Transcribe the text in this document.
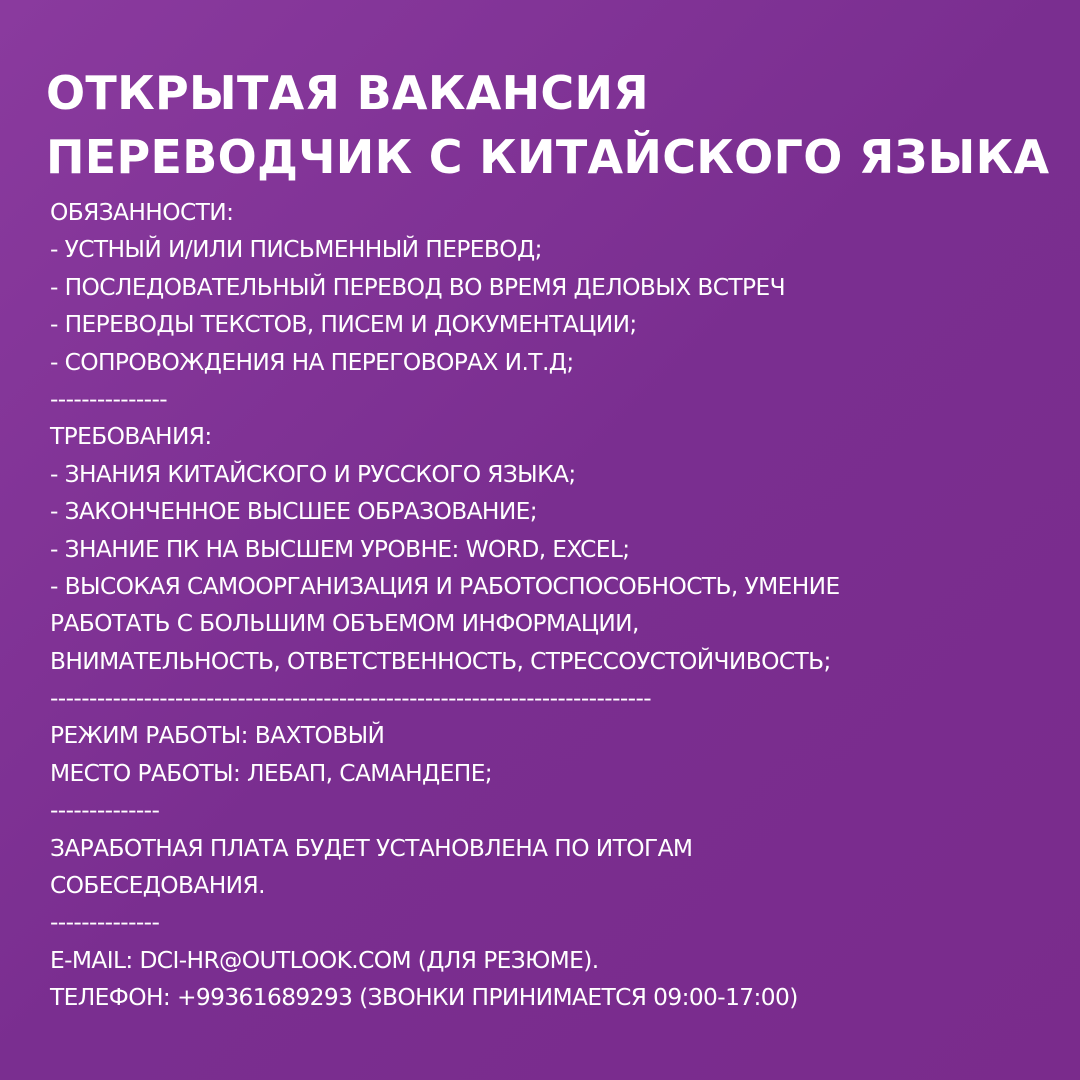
ОТКРЫТАЯ ВАКАНСИЯ
ПЕРЕВОДЧИК С КИТАЙСКОГО ЯЗЫКА
ОБЯЗАННОСТИ:
- УСТНЫЙ И/ИЛИ ПИСЬМЕННЫЙ ПЕРЕВОД;
- ПОСЛЕДОВАТЕЛЬНЫЙ ПЕРЕВОД ВО ВРЕМЯ ДЕЛОВЫХ ВСТРЕЧ
- ПЕРЕВОДЫ ТЕКСТОВ, ПИСЕМ И ДОКУМЕНТАЦИИ;
- СОПРОВОЖДЕНИЯ НА ПЕРЕГОВОРАХ И.Т.Д;
---------------
ТРЕБОВАНИЯ:
- ЗНАНИЯ КИТАЙСКОГО И РУССКОГО ЯЗЫКА;
- ЗАКОНЧЕННОЕ ВЫСШЕЕ ОБРАЗОВАНИЕ;
- ЗНАНИЕ ПК НА ВЫСШЕМ УРОВНЕ: WORD, EXCEL;
- ВЫСОКАЯ САМООРГАНИЗАЦИЯ И РАБОТОСПОСОБНОСТЬ, УМЕНИЕ
РАБОТАТЬ С БОЛЬШИМ ОБЪЕМОМ ИНФОРМАЦИИ,
ВНИМАТЕЛЬНОСТЬ, ОТВЕТСТВЕННОСТЬ, СТРЕССОУСТОЙЧИВОСТЬ;
-----------------------------------------------------------------------------
РЕЖИМ РАБОТЫ: ВАХТОВЫЙ
МЕСТО РАБОТЫ: ЛЕБАП, САМАНДЕПЕ;
--------------
ЗАРАБОТНАЯ ПЛАТА БУДЕТ УСТАНОВЛЕНА ПО ИТОГАМ
СОБЕСЕДОВАНИЯ.
--------------
E-MAIL: DCI-HR@OUTLOOK.COM (ДЛЯ РЕЗЮМЕ).
ТЕЛЕФОН: +99361689293 (ЗВОНКИ ПРИНИМАЕТСЯ 09:00-17:00)
